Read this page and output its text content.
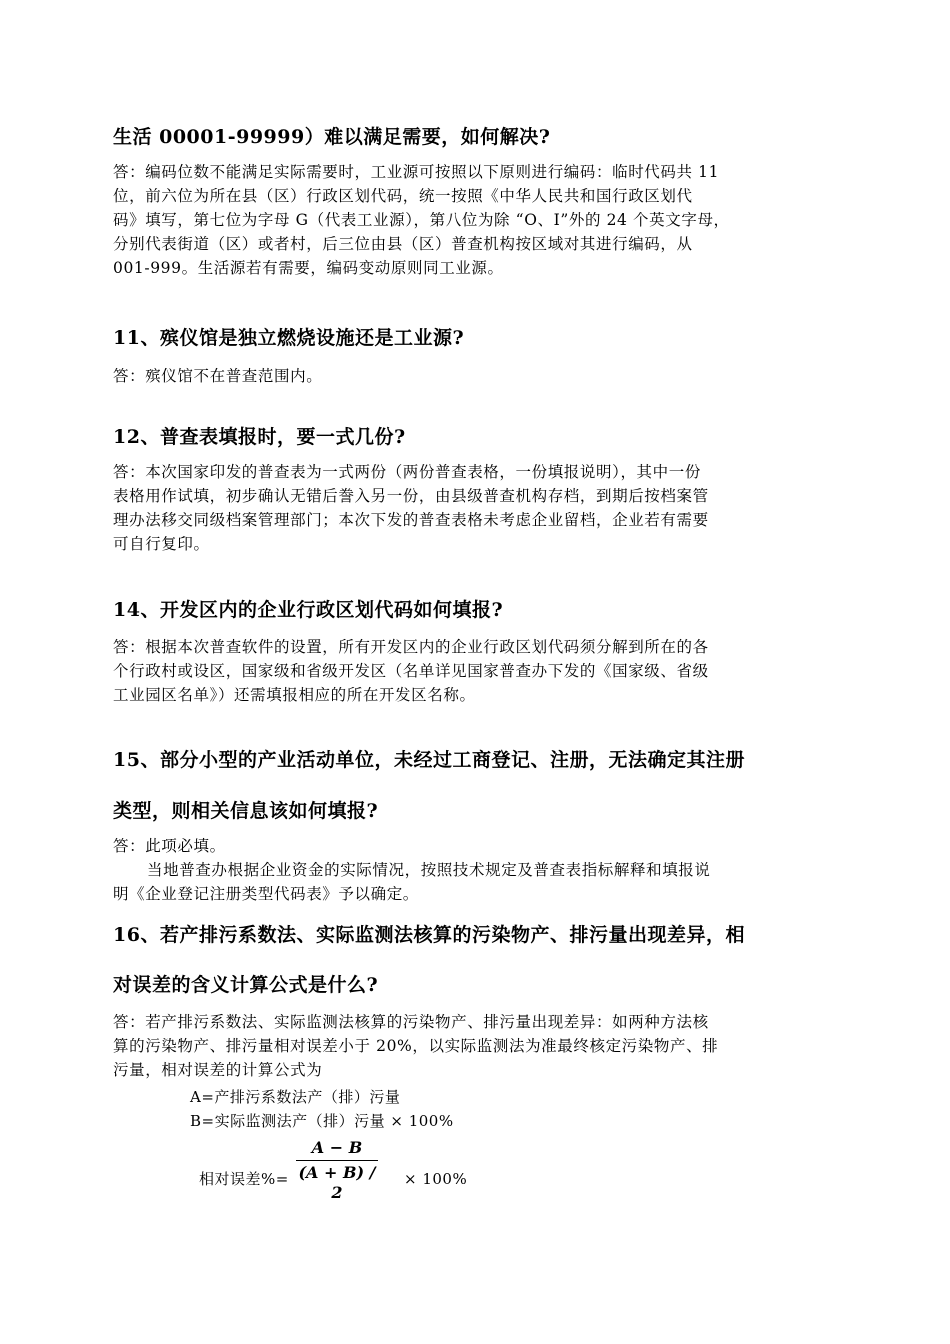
生活 00001-99999）难以满足需要，如何解决?
答：编码位数不能满足实际需要时，工业源可按照以下原则进行编码：临时代码共 11
位，前六位为所在县（区）行政区划代码，统一按照《中华人民共和国行政区划代
码》填写，第七位为字母 G（代表工业源），第八位为除 “O、I”外的 24 个英文字母，
分别代表街道（区）或者村，后三位由县（区）普查机构按区域对其进行编码，从
001-999。生活源若有需要，编码变动原则同工业源。
11、殡仪馆是独立燃烧设施还是工业源?
答：殡仪馆不在普查范围内。
12、普查表填报时，要一式几份?
答：本次国家印发的普查表为一式两份（两份普查表格，一份填报说明），其中一份
表格用作试填，初步确认无错后誊入另一份，由县级普查机构存档，到期后按档案管
理办法移交同级档案管理部门；本次下发的普查表格未考虑企业留档，企业若有需要
可自行复印。
14、开发区内的企业行政区划代码如何填报?
答：根据本次普查软件的设置，所有开发区内的企业行政区划代码须分解到所在的各
个行政村或设区，国家级和省级开发区（名单详见国家普查办下发的《国家级、省级
工业园区名单》）还需填报相应的所在开发区名称。
15、部分小型的产业活动单位，未经过工商登记、注册，无法确定其注册
类型，则相关信息该如何填报?
答：此项必填。
当地普查办根据企业资金的实际情况，按照技术规定及普查表指标解释和填报说
明《企业登记注册类型代码表》予以确定。
16、若产排污系数法、实际监测法核算的污染物产、排污量出现差异，相
对误差的含义计算公式是什么?
答：若产排污系数法、实际监测法核算的污染物产、排污量出现差异：如两种方法核
算的污染物产、排污量相对误差小于 20%，以实际监测法为准最终核定污染物产、排
污量，相对误差的计算公式为
A=产排污系数法产（排）污量
B=实际监测法产（排）污量 × 100%
相对误差%=
A − B
(A + B) / 2
× 100%
